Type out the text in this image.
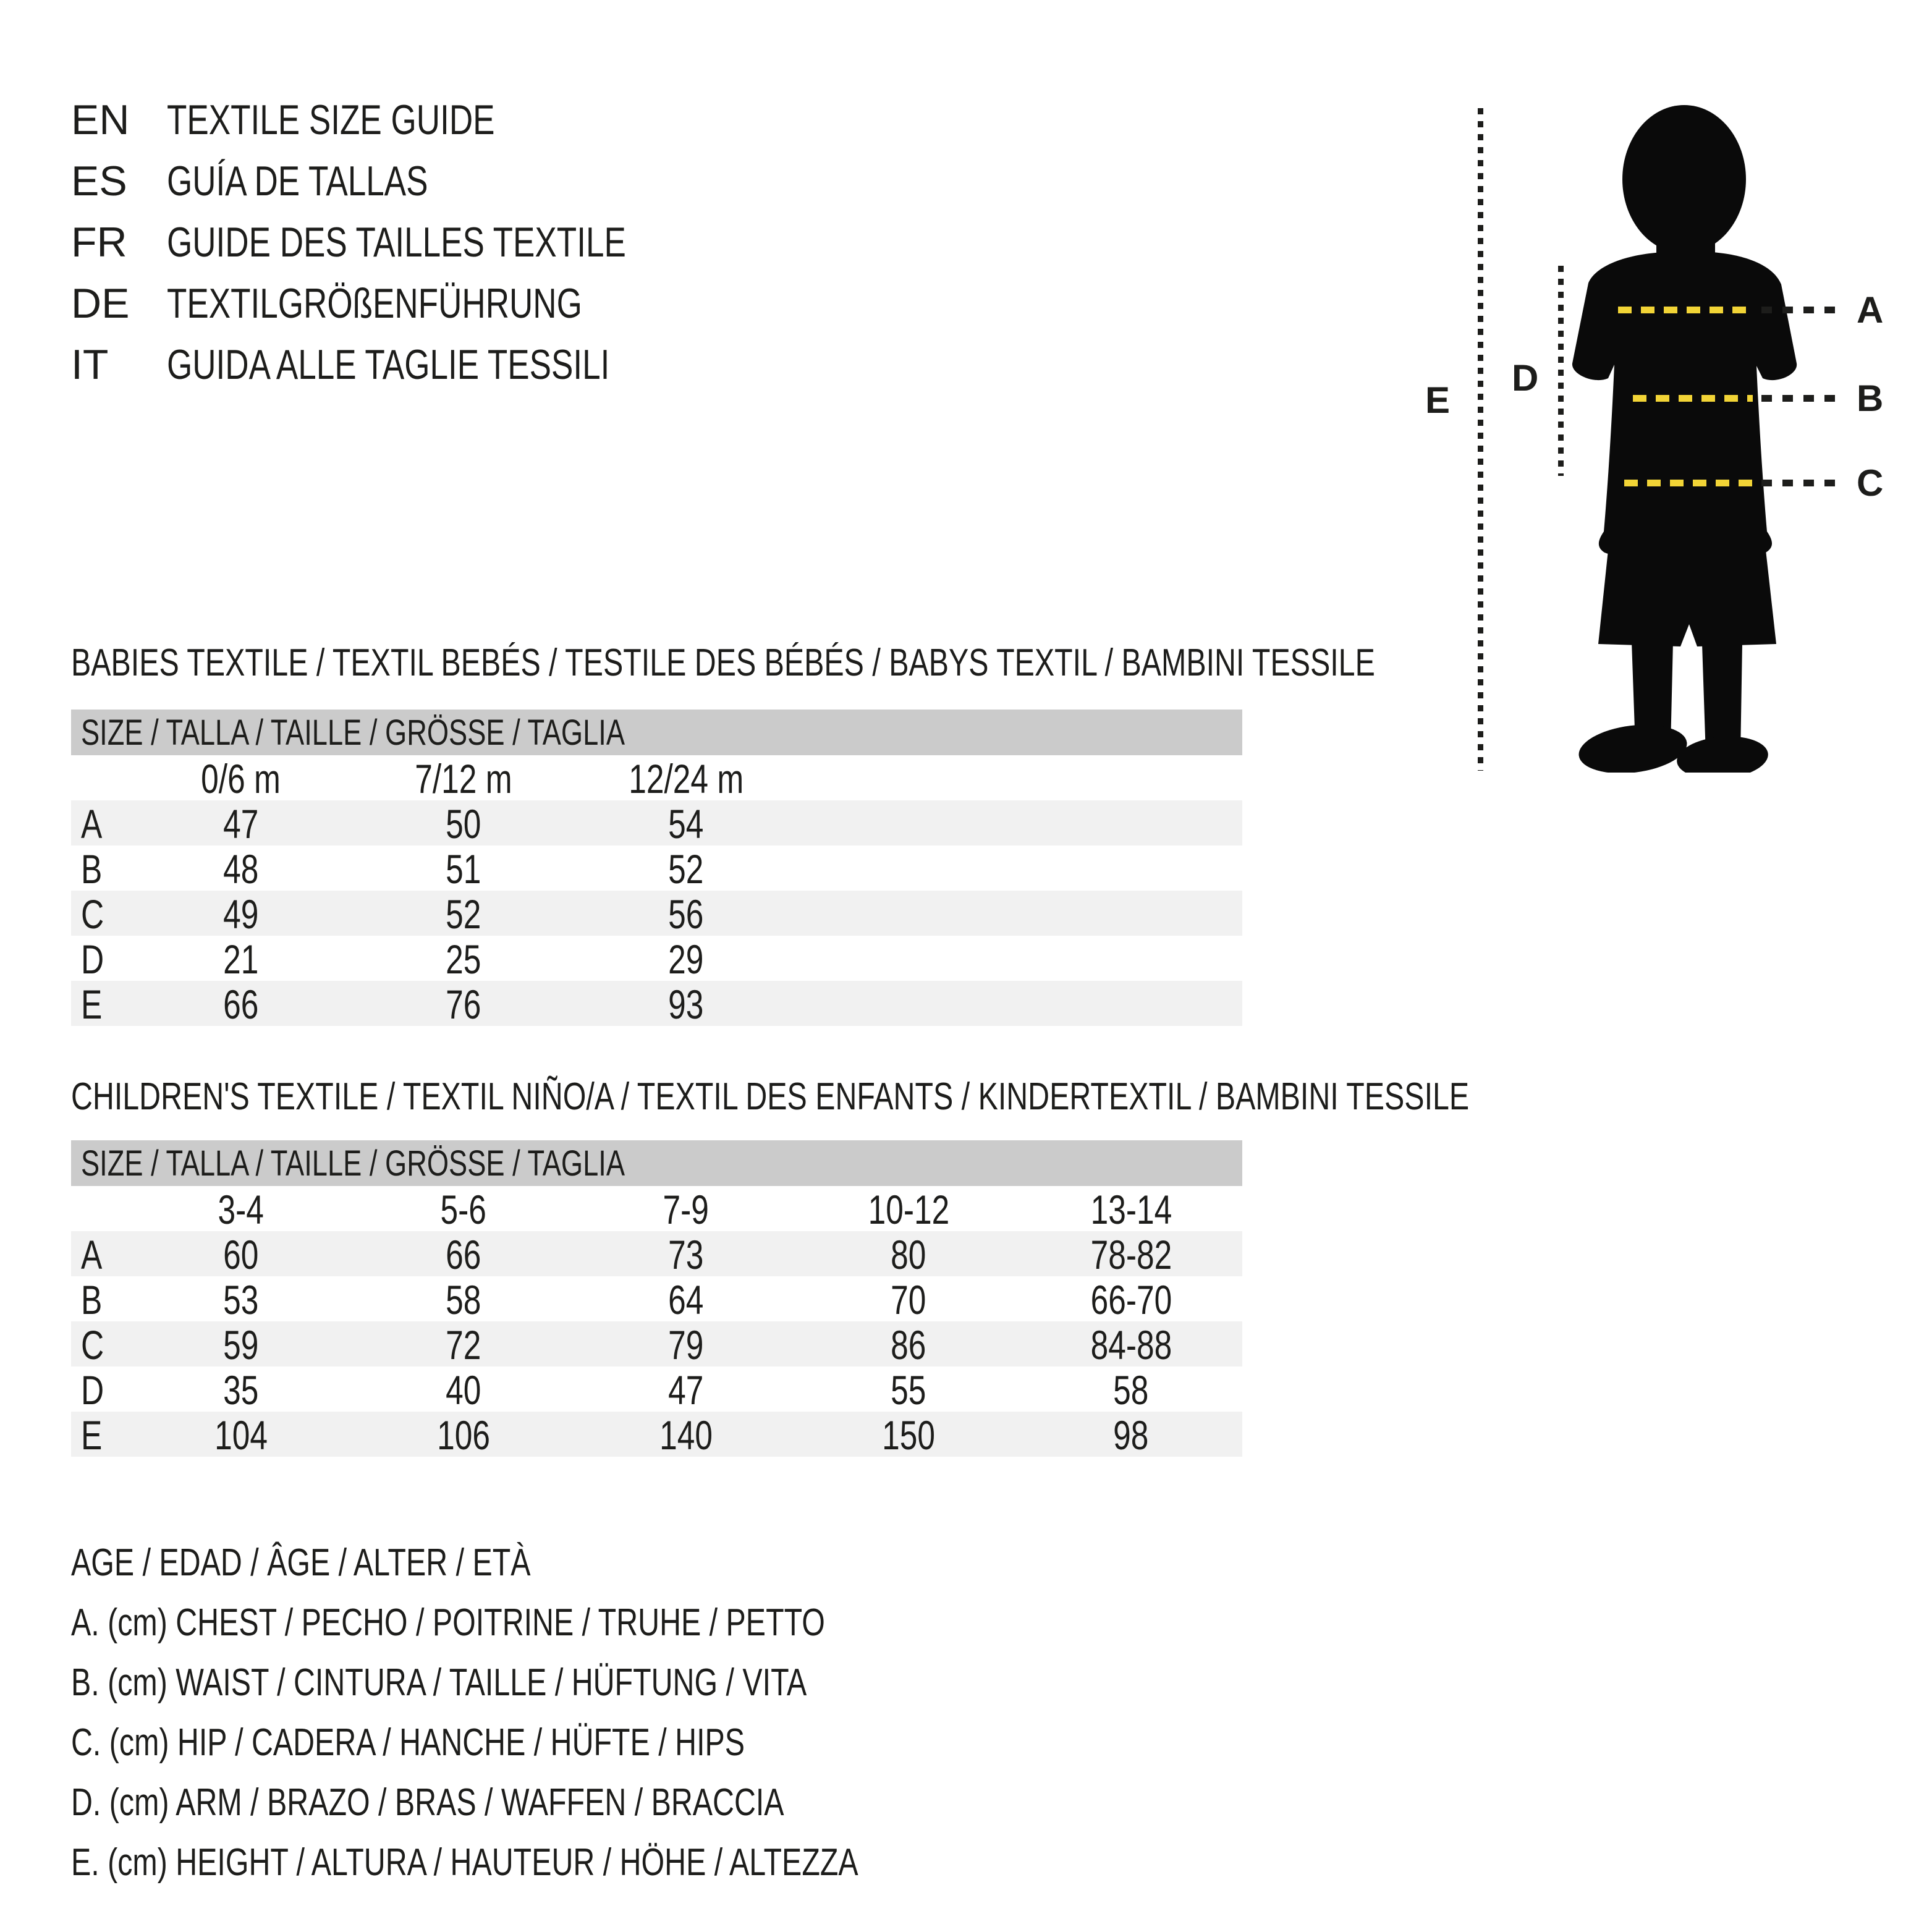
EN TEXTILE SIZE GUIDE
ES GUÍA DE TALLAS
FR GUIDE DES TAILLES TEXTILE
DE TEXTILGRÖßENFÜHRUNG
IT	GUIDA ALLE TAGLIE TESSILI
E
D
A
B
C
BABIES TEXTILE / TEXTIL BEBÉS / TESTILE DES BÉBÉS / BABYS TEXTIL / BAMBINI TESSILE
SIZE / TALLA / TAILLE / GRÖSSE / TAGLIA
0/6 m	7/12 m	12/24 m
A	47	50	54
B	48	51	52
C	49	52	56
D	21	25	29
E	66	76	93
CHILDREN'S TEXTILE / TEXTIL NIÑO/A / TEXTIL DES ENFANTS / KINDERTEXTIL / BAMBINI TESSILE
SIZE / TALLA / TAILLE / GRÖSSE / TAGLIA
3-4	5-6	7-9	10-12	13-14
A	60	66	73	80	78-82
B	53	58	64	70	66-70
C	59	72	79	86	84-88
D	35	40	47	55	58
E	104	106	140	150	98
AGE / EDAD / ÂGE / ALTER / ETÀ
A. (cm) CHEST / PECHO / POITRINE / TRUHE / PETTO
B. (cm) WAIST / CINTURA / TAILLE / HÜFTUNG / VITA
C. (cm) HIP / CADERA / HANCHE / HÜFTE / HIPS
D. (cm) ARM / BRAZO / BRAS / WAFFEN / BRACCIA
E. (cm) HEIGHT / ALTURA / HAUTEUR / HÖHE / ALTEZZA
